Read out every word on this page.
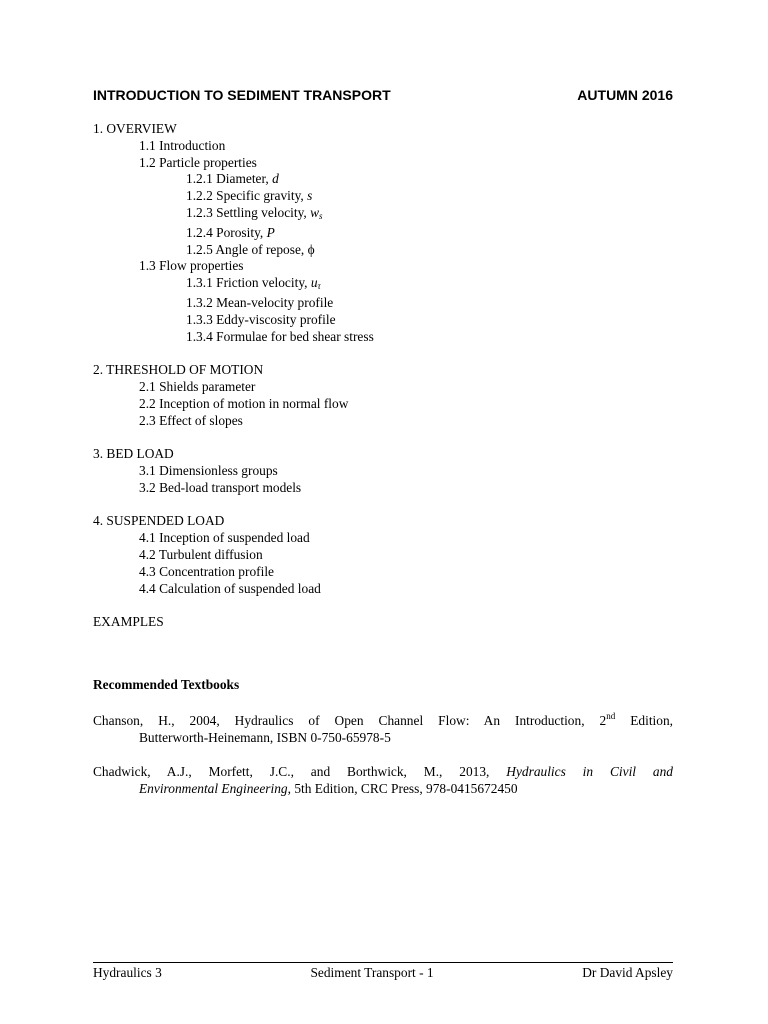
INTRODUCTION TO SEDIMENT TRANSPORT	AUTUMN 2016
1. OVERVIEW
1.1 Introduction
1.2 Particle properties
1.2.1 Diameter, d
1.2.2 Specific gravity, s
1.2.3 Settling velocity, $w_s$
1.2.4 Porosity, P
1.2.5 Angle of repose, ϕ
1.3 Flow properties
1.3.1 Friction velocity, $u_\tau$
1.3.2 Mean-velocity profile
1.3.3 Eddy-viscosity profile
1.3.4 Formulae for bed shear stress
2. THRESHOLD OF MOTION
2.1 Shields parameter
2.2 Inception of motion in normal flow
2.3 Effect of slopes
3. BED LOAD
3.1 Dimensionless groups
3.2 Bed-load transport models
4. SUSPENDED LOAD
4.1 Inception of suspended load
4.2 Turbulent diffusion
4.3 Concentration profile
4.4 Calculation of suspended load
EXAMPLES
Recommended Textbooks
Chanson, H., 2004, Hydraulics of Open Channel Flow: An Introduction, 2nd Edition,
Butterworth-Heinemann, ISBN 0-750-65978-5
Chadwick, A.J., Morfett, J.C., and Borthwick, M., 2013, Hydraulics in Civil and
Environmental Engineering, 5th Edition, CRC Press, 978-0415672450
Hydraulics 3	Sediment Transport - 1	Dr David Apsley
